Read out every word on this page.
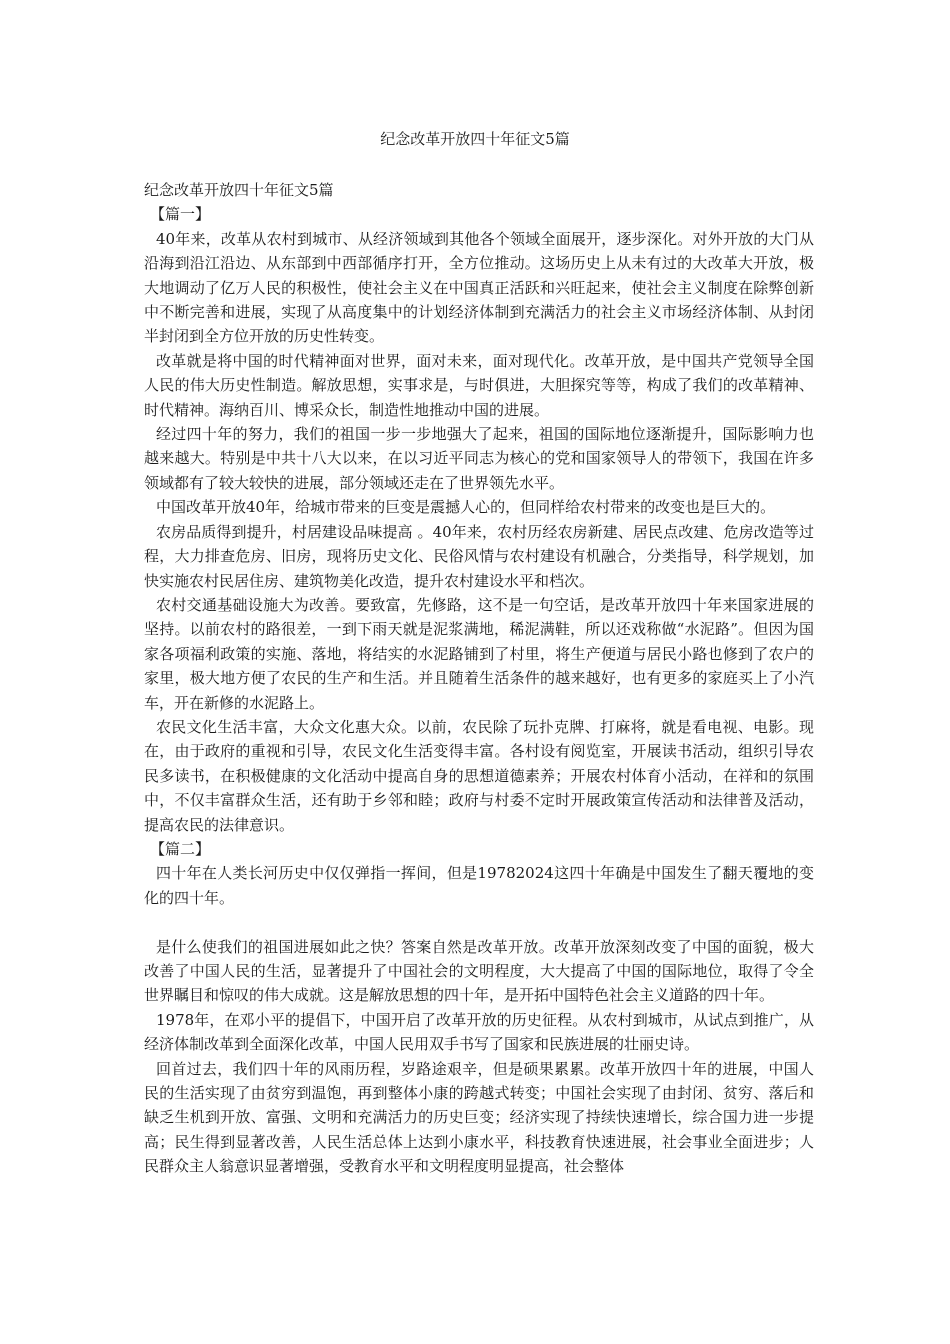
纪念改革开放四十年征文5篇

纪念改革开放四十年征文5篇

【篇一】

40年来，改革从农村到城市、从经济领域到其他各个领域全面展开，逐步深化。对外开放的大门从沿海到沿江沿边、从东部到中西部循序打开，全方位推动。这场历史上从未有过的大改革大开放，极大地调动了亿万人民的积极性，使社会主义在中国真正活跃和兴旺起来，使社会主义制度在除弊创新中不断完善和进展，实现了从高度集中的计划经济体制到充满活力的社会主义市场经济体制、从封闭半封闭到全方位开放的历史性转变。

改革就是将中国的时代精神面对世界，面对未来，面对现代化。改革开放，是中国共产党领导全国人民的伟大历史性制造。解放思想，实事求是，与时俱进，大胆探究等等，构成了我们的改革精神、时代精神。海纳百川、博采众长，制造性地推动中国的进展。

经过四十年的努力，我们的祖国一步一步地强大了起来，祖国的国际地位逐渐提升，国际影响力也越来越大。特别是中共十八大以来，在以习近平同志为核心的党和国家领导人的带领下，我国在许多领域都有了较大较快的进展，部分领域还走在了世界领先水平。

中国改革开放40年，给城市带来的巨变是震撼人心的，但同样给农村带来的改变也是巨大的。

农房品质得到提升，村居建设品味提高 。40年来，农村历经农房新建、居民点改建、危房改造等过程，大力排查危房、旧房，现将历史文化、民俗风情与农村建设有机融合，分类指导，科学规划，加快实施农村民居住房、建筑物美化改造，提升农村建设水平和档次。

农村交通基础设施大为改善。要致富，先修路，这不是一句空话，是改革开放四十年来国家进展的坚持。以前农村的路很差，一到下雨天就是泥浆满地，稀泥满鞋，所以还戏称做“水泥路”。但因为国家各项福利政策的实施、落地，将结实的水泥路铺到了村里，将生产便道与居民小路也修到了农户的家里，极大地方便了农民的生产和生活。并且随着生活条件的越来越好，也有更多的家庭买上了小汽车，开在新修的水泥路上。

农民文化生活丰富，大众文化惠大众。以前，农民除了玩扑克牌、打麻将，就是看电视、电影。现在，由于政府的重视和引导，农民文化生活变得丰富。各村设有阅览室，开展读书活动，组织引导农民多读书，在积极健康的文化活动中提高自身的思想道德素养；开展农村体育小活动，在祥和的氛围中，不仅丰富群众生活，还有助于乡邻和睦；政府与村委不定时开展政策宣传活动和法律普及活动，提高农民的法律意识。

【篇二】

四十年在人类长河历史中仅仅弹指一挥间，但是19782024这四十年确是中国发生了翻天覆地的变化的四十年。

是什么使我们的祖国进展如此之快？答案自然是改革开放。改革开放深刻改变了中国的面貌，极大改善了中国人民的生活，显著提升了中国社会的文明程度，大大提高了中国的国际地位，取得了令全世界瞩目和惊叹的伟大成就。这是解放思想的四十年，是开拓中国特色社会主义道路的四十年。

1978年，在邓小平的提倡下，中国开启了改革开放的历史征程。从农村到城市，从试点到推广，从经济体制改革到全面深化改革，中国人民用双手书写了国家和民族进展的壮丽史诗。

回首过去，我们四十年的风雨历程，岁路途艰辛，但是硕果累累。改革开放四十年的进展，中国人民的生活实现了由贫穷到温饱，再到整体小康的跨越式转变；中国社会实现了由封闭、贫穷、落后和缺乏生机到开放、富强、文明和充满活力的历史巨变；经济实现了持续快速增长，综合国力进一步提高；民生得到显著改善，人民生活总体上达到小康水平，科技教育快速进展，社会事业全面进步；人民群众主人翁意识显著增强，受教育水平和文明程度明显提高，社会整体
